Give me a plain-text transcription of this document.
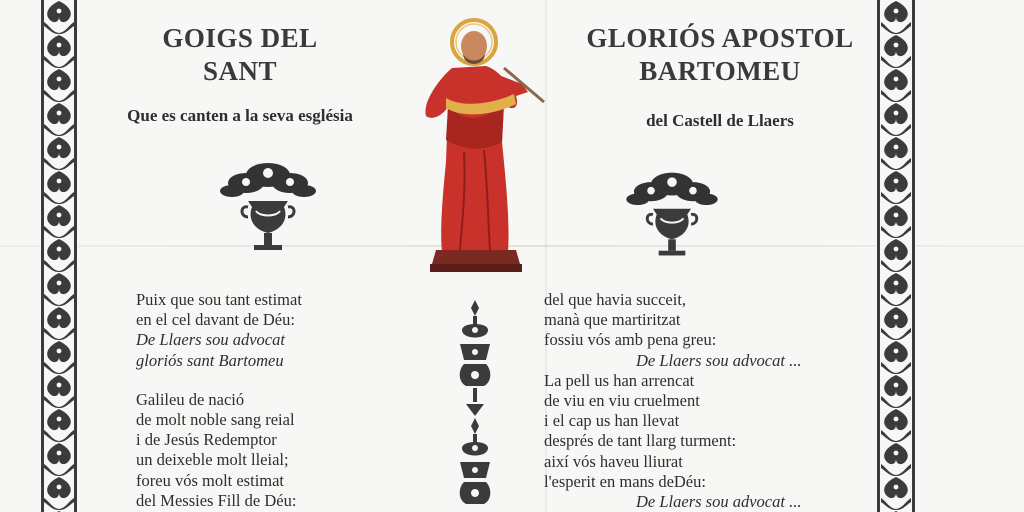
GOIGS DEL
SANT
GLORIÓS APOSTOL
BARTOMEU
Que es canten a la seva església	del Castell de Llaers

Puix que sou tant estimat

en el cel davant de Déu:

De Llaers sou advocat

gloriós sant Bartomeu

Galileu de nació

de molt noble sang reial

i de Jesús Redemptor

un deixeble molt lleial;

foreu vós molt estimat

del Messies Fill de Déu:

del que havia succeit,

manà que martiritzat

fossiu vós amb pena greu:

De Llaers sou advocat ...

La pell us han arrencat

de viu en viu cruelment

i el cap us han llevat

després de tant llarg turment:

així vós haveu lliurat

l'esperit en mans deDéu:

De Llaers sou advocat ...
